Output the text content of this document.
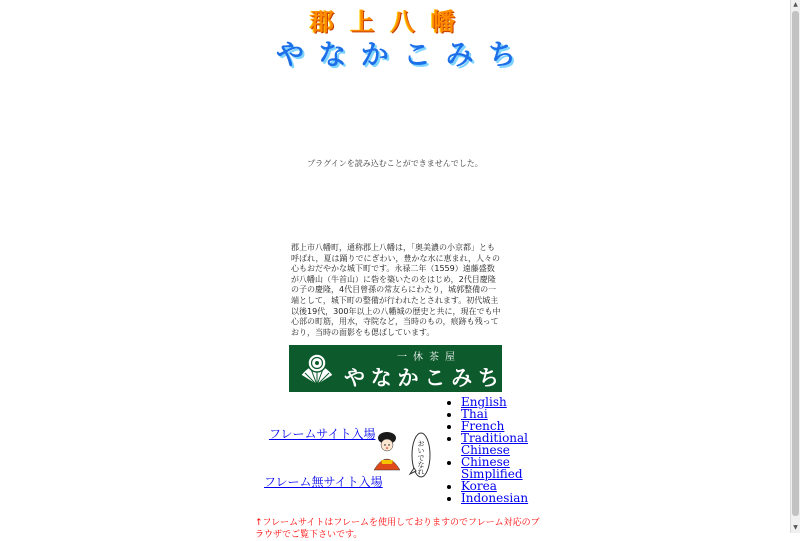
郡 上 八 幡
や な か こ み ち
プラグインを読み込むことができませんでした。
郡上市八幡町，通称郡上八幡は，「奥美濃の小京都」とも呼ばれ，夏は踊りでにぎわい，豊かな水に恵まれ，人々の心もおだやかな城下町です。永禄二年（1559）遠藤盛数が八幡山（牛首山）に砦を築いたのをはじめ，2代目慶隆の子の慶隆，4代目曾孫の常友らにわたり，城郭整備の一端として，城下町の整備が行われたとされます。初代城主以後19代，300年以上の八幡城の歴史と共に，現在でも中心部の町筋，用水，寺院など，当時のもの，痕跡も残っており，当時の面影をも偲ばしています。
一休茶屋
や な か こ み ち
フレームサイト入場
フレーム無サイト入場
おいでなれ
• English
• Thai
• French
• Traditional Chinese
• Chinese Simplified
• Korea
• Indonesian
↑フレームサイトはフレームを使用しておりますのでフレーム対応のブラウザでご覧下さいです。
▲
▼
